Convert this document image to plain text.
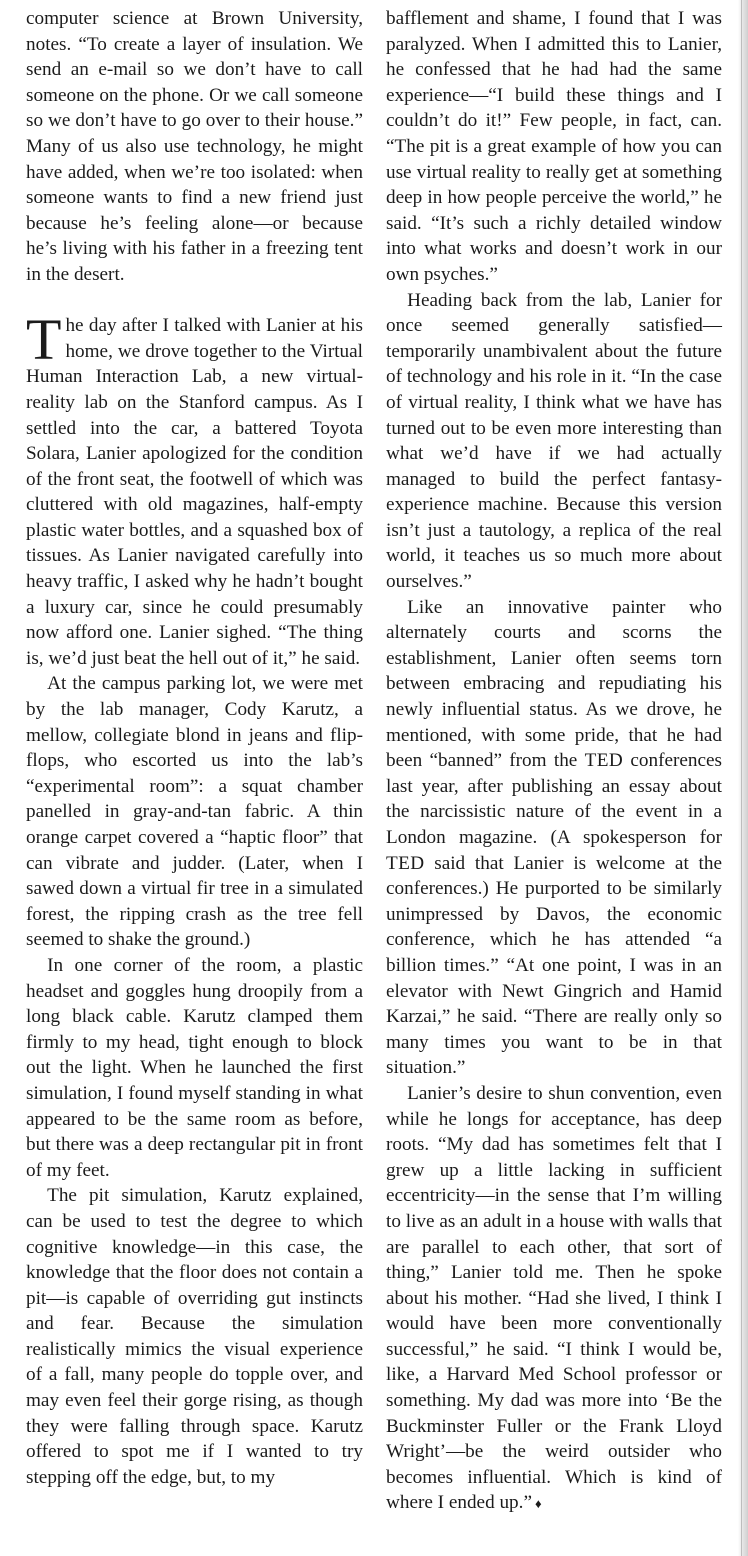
computer science at Brown University, notes. “To create a layer of insulation. We send an e-mail so we don’t have to call someone on the phone. Or we call someone so we don’t have to go over to their house.” Many of us also use technology, he might have added, when we’re too isolated: when someone wants to find a new friend just because he’s feeling alone—or because he’s living with his father in a freezing tent in the desert.

The day after I talked with Lanier at his home, we drove together to the Virtual Human Interaction Lab, a new virtual-reality lab on the Stanford campus. As I settled into the car, a battered Toyota Solara, Lanier apologized for the condition of the front seat, the footwell of which was cluttered with old magazines, half-empty plastic water bottles, and a squashed box of tissues. As Lanier navigated carefully into heavy traffic, I asked why he hadn’t bought a luxury car, since he could presumably now afford one. Lanier sighed. “The thing is, we’d just beat the hell out of it,” he said.

At the campus parking lot, we were met by the lab manager, Cody Karutz, a mellow, collegiate blond in jeans and flip-flops, who escorted us into the lab’s “experimental room”: a squat chamber panelled in gray-and-tan fabric. A thin orange carpet covered a “haptic floor” that can vibrate and judder. (Later, when I sawed down a virtual fir tree in a simulated forest, the ripping crash as the tree fell seemed to shake the ground.)

In one corner of the room, a plastic headset and goggles hung droopily from a long black cable. Karutz clamped them firmly to my head, tight enough to block out the light. When he launched the first simulation, I found myself standing in what appeared to be the same room as before, but there was a deep rectangular pit in front of my feet.

The pit simulation, Karutz explained, can be used to test the degree to which cognitive knowledge—in this case, the knowledge that the floor does not contain a pit—is capable of overriding gut instincts and fear. Because the simulation realistically mimics the visual experience of a fall, many people do topple over, and may even feel their gorge rising, as though they were falling through space. Karutz offered to spot me if I wanted to try stepping off the edge, but, to my

bafflement and shame, I found that I was paralyzed. When I admitted this to Lanier, he confessed that he had had the same experience—“I build these things and I couldn’t do it!” Few people, in fact, can. “The pit is a great example of how you can use virtual reality to really get at something deep in how people perceive the world,” he said. “It’s such a richly detailed window into what works and doesn’t work in our own psyches.”

Heading back from the lab, Lanier for once seemed generally satisfied—temporarily unambivalent about the future of technology and his role in it. “In the case of virtual reality, I think what we have has turned out to be even more interesting than what we’d have if we had actually managed to build the perfect fantasy-experience machine. Because this version isn’t just a tautology, a replica of the real world, it teaches us so much more about ourselves.”

Like an innovative painter who alternately courts and scorns the establishment, Lanier often seems torn between embracing and repudiating his newly influential status. As we drove, he mentioned, with some pride, that he had been “banned” from the TED conferences last year, after publishing an essay about the narcissistic nature of the event in a London magazine. (A spokesperson for TED said that Lanier is welcome at the conferences.) He purported to be similarly unimpressed by Davos, the economic conference, which he has attended “a billion times.” “At one point, I was in an elevator with Newt Gingrich and Hamid Karzai,” he said. “There are really only so many times you want to be in that situation.”

Lanier’s desire to shun convention, even while he longs for acceptance, has deep roots. “My dad has sometimes felt that I grew up a little lacking in sufficient eccentricity—in the sense that I’m willing to live as an adult in a house with walls that are parallel to each other, that sort of thing,” Lanier told me. Then he spoke about his mother. “Had she lived, I think I would have been more conventionally successful,” he said. “I think I would be, like, a Harvard Med School professor or something. My dad was more into ‘Be the Buckminster Fuller or the Frank Lloyd Wright’—be the weird outsider who becomes influential. Which is kind of where I ended up.” ♦
